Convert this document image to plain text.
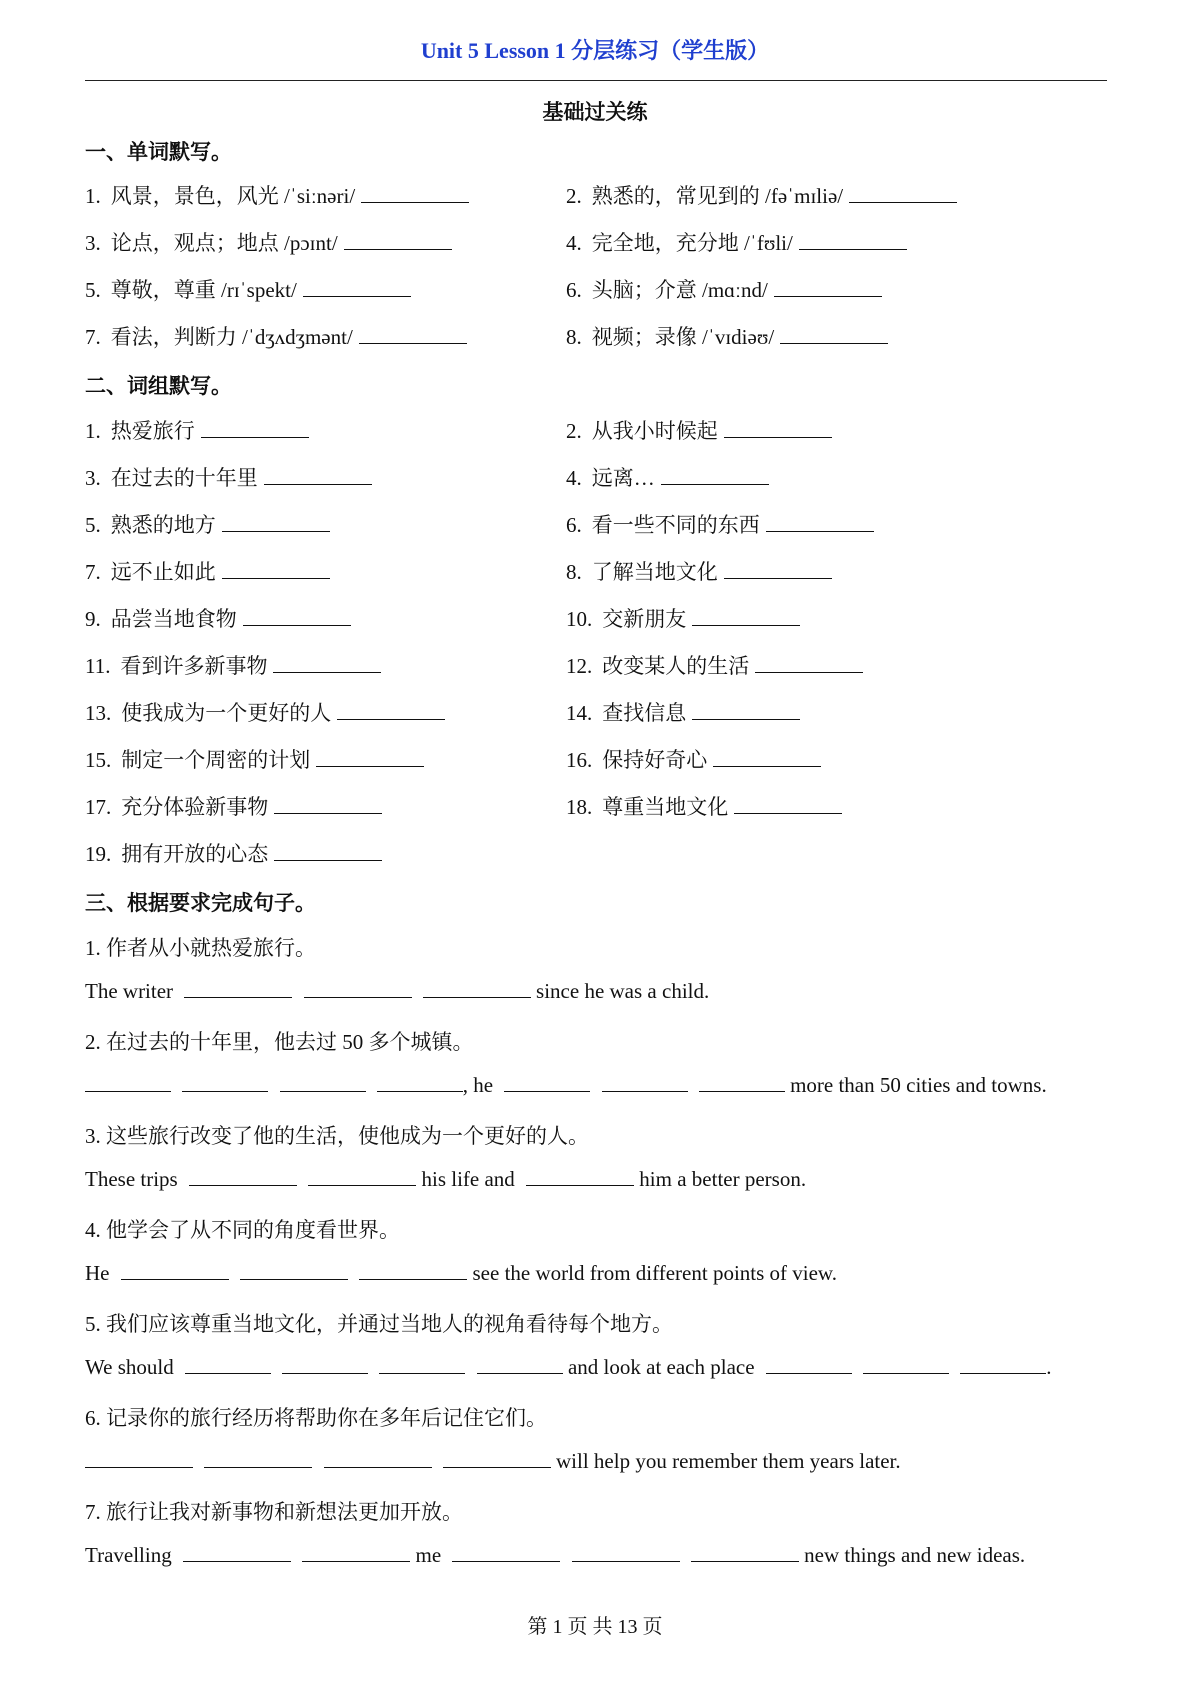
Unit 5 Lesson 1 分层练习（学生版）
基础过关练
一、单词默写。
1. 风景，景色，风光 /ˈsiːnəri/	2. 熟悉的，常见到的 /fəˈmɪliə/
3. 论点，观点；地点 /pɔɪnt/	4. 完全地，充分地 /ˈfʊli/
5. 尊敬，尊重 /rɪˈspekt/	6. 头脑；介意 /mɑːnd/
7. 看法，判断力 /ˈdʒʌdʒmənt/	8. 视频；录像 /ˈvɪdiəʊ/
二、词组默写。
1. 热爱旅行	2. 从我小时候起
3. 在过去的十年里	4. 远离…
5. 熟悉的地方	6. 看一些不同的东西
7. 远不止如此	8. 了解当地文化
9. 品尝当地食物	10. 交新朋友
11. 看到许多新事物	12. 改变某人的生活
13. 使我成为一个更好的人	14. 查找信息
15. 制定一个周密的计划	16. 保持好奇心
17. 充分体验新事物	18. 尊重当地文化
19. 拥有开放的心态
三、根据要求完成句子。
1. 作者从小就热爱旅行。
The writer	since he was a child.
2. 在过去的十年里，他去过 50 多个城镇。
, he	more than 50 cities and towns.
3. 这些旅行改变了他的生活，使他成为一个更好的人。
These trips	his life and	him a better person.
4. 他学会了从不同的角度看世界。
He	see the world from different points of view.
5. 我们应该尊重当地文化，并通过当地人的视角看待每个地方。
We should	and look at each place	.
6. 记录你的旅行经历将帮助你在多年后记住它们。
will help you remember them years later.
7. 旅行让我对新事物和新想法更加开放。
Travelling	me	new things and new ideas.
第 1 页 共 13 页
